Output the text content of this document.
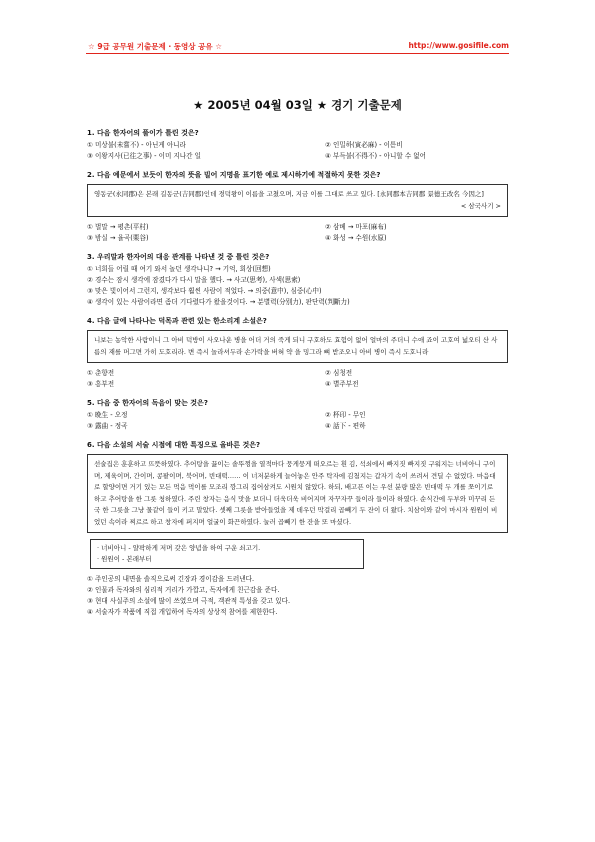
☆ 9급 공무원 기출문제 · 동영상 공유 ☆	http://www.gosifile.com
★ 2005년 04월 03일 ★ 경기 기출문제
1. 다음 한자어의 풀이가 틀린 것은?
① 미상불(未嘗不) - 아닌게 아니라	② 인밀하(寅必麻) - 이튿비
③ 이왕지사(已往之事) - 이미 지나간 일	④ 부득불(不得不) - 아니할 수 없어
2. 다음 예문에서 보듯이 한자의 뜻을 빌어 지명을 표기한 예로 제시하기에 적절하지 못한 것은?

영동군(永同郡)은 본래 길동군(吉同郡)인데 경덕왕이 이름을 고쳤으며, 지금 이를 그대로 쓰고 있다. [永同郡本吉同郡 景德王改名 今因之]

< 삼국사기 >

① 벌말 → 평촌(平村)	② 삼베 → 마포(麻布)
③ 밤실 → 율곡(栗谷)	④ 화성 → 수원(水原)
3. 우리말과 한자어의 대응 관계를 나타낸 것 중 틀린 것은?
① 너희들 어릴 때 여기 와서 놀던 생각나니? → 기억, 회상(回想)
② 경수는 잠시 생각에 잠겼다가 다시 말을 했다. → 사고(思考), 사색(思索)
③ 맞은 빛이어서 그런지, 생각보다 훨씬 사람이 적었다. → 의중(意中), 심중(心中)
④ 생각이 있는 사람이라면 좀더 기다렸다가 왔을것이다. → 분별력(分別力), 판단력(判斷力)
4. 다음 글에 나타나는 덕목과 관련 있는 한소리계 소설은?

니보는 농악한 사람이니 그 아비 덕방이 사오나운 병을 어더 거의 죽게 되니 구호하도 효험이 없어 얼마의 주더니 수애 죠이 고호여 넓오티 산 사름의 재를 머그면 가히 도호리라. 변 즉시 놀라셔두라 손가락을 버혀 약 을 밍그라 뼈 받조오니 아비 병이 즉시 도호니라

① 춘향전	② 심청전
③ 흥부전	④ 별주부전
5. 다음 중 한자어의 독음이 맞는 것은?
① 晩生 - 오정	② 杯印 - 무인
③ 露曲 - 정곡	④ 話下 - 편하
6. 다음 소설의 서술 시점에 대한 특징으로 올바른 것은?

선술집은 훈훈하고 뜨뜻하였다. 추어탕을 끓이는 솥뚜껑을 열적마다 뭉게뭉게 떠오르는 흰 김, 석쇠에서 빠지짓 빠지짓 구워지는 너비아니 구이며, 제육이며, 간이며, 콩팥이며, 북어며, 빈대떡…… 이 너저분하게 늘어놓은 안주 탁자에 김첨지는 갑자기 속이 쓰려서 견딜 수 없었다. 마음대로 할양이면 거기 있는 모든 먹음 먹이를 모조리 깡그리 집어삼켜도 시원치 않았다. 하되, 배고픈 이는 우선 분량 많은 빈대떡 두 개를 쪼이기로 하고 추어탕을 한 그릇 청하였다. 주린 창자는 음식 맛을 보더니 더욱더욱 비어지며 자꾸자꾸 들이라 들이라 하였다. 순식간에 두부와 미꾸리 든 국 한 그릇을 그냥 물같이 들이 키고 말았다. 셋째 그릇을 받아들었을 제 데우던 막걸리 곱빼기 두 잔이 더 왔다. 치삼이와 같이 마시자 원원이 비었던 속이라 찌르르 하고 창자에 퍼지며 얼굴이 화끈하였다. 눌러 곱빼기 한 잔을 또 마셨다.

· 너비아니 - 얄팍하게 저며 갖은 양념을 하여 구운 쇠고기.

· 원원이 - 본래부터

① 주인공의 내면을 솔직으로써 긴장과 경이감을 드러낸다.
② 인물과 독자와의 심리적 거리가 가깝고, 독자에게 친근감을 준다.
③ 현대 사실주의 소설에 많이 쓰였으며 극적, 객관적 특성을 갖고 있다.
④ 서술자가 작품에 직접 개입하여 독자의 상상적 참여를 제한한다.
